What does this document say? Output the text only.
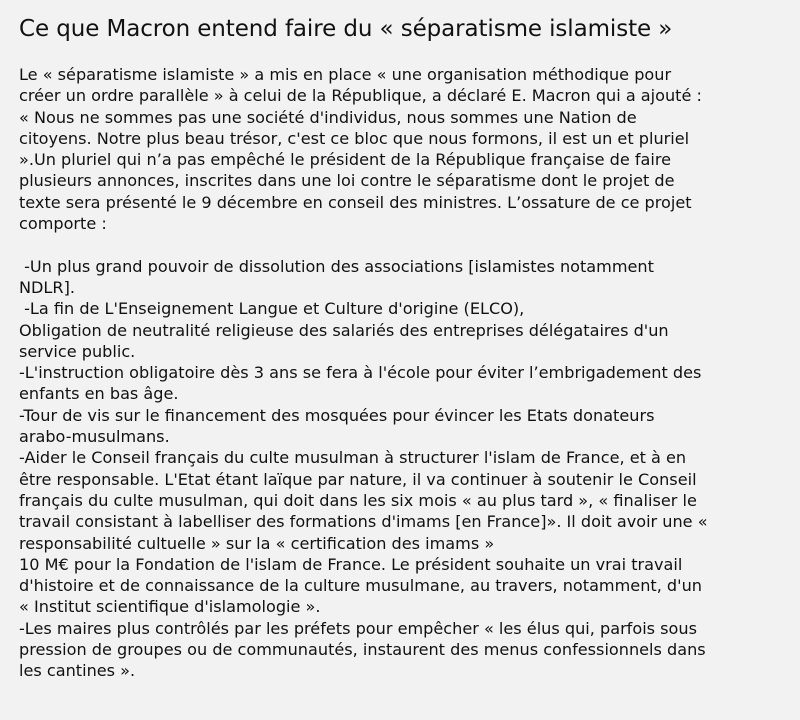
Ce que Macron entend faire du « séparatisme islamiste »
Le « séparatisme islamiste » a mis en place « une organisation méthodique pour
créer un ordre parallèle » à celui de la République, a déclaré E. Macron qui a ajouté :
« Nous ne sommes pas une société d'individus, nous sommes une Nation de
citoyens. Notre plus beau trésor, c'est ce bloc que nous formons, il est un et pluriel
».Un pluriel qui n’a pas empêché le président de la République française de faire
plusieurs annonces, inscrites dans une loi contre le séparatisme dont le projet de
texte sera présenté le 9 décembre en conseil des ministres. L’ossature de ce projet
comporte :
-Un plus grand pouvoir de dissolution des associations [islamistes notamment
NDLR].
-La fin de L'Enseignement Langue et Culture d'origine (ELCO),
Obligation de neutralité religieuse des salariés des entreprises délégataires d'un
service public.
-L'instruction obligatoire dès 3 ans se fera à l'école pour éviter l’embrigadement des
enfants en bas âge.
-Tour de vis sur le financement des mosquées pour évincer les Etats donateurs
arabo-musulmans.
-Aider le Conseil français du culte musulman à structurer l'islam de France, et à en
être responsable. L'Etat étant laïque par nature, il va continuer à soutenir le Conseil
français du culte musulman, qui doit dans les six mois « au plus tard », « finaliser le
travail consistant à labelliser des formations d'imams [en France]». Il doit avoir une «
responsabilité cultuelle » sur la « certification des imams »
10 M€ pour la Fondation de l'islam de France. Le président souhaite un vrai travail
d'histoire et de connaissance de la culture musulmane, au travers, notamment, d'un
« Institut scientifique d'islamologie ».
-Les maires plus contrôlés par les préfets pour empêcher « les élus qui, parfois sous
pression de groupes ou de communautés, instaurent des menus confessionnels dans
les cantines ».
